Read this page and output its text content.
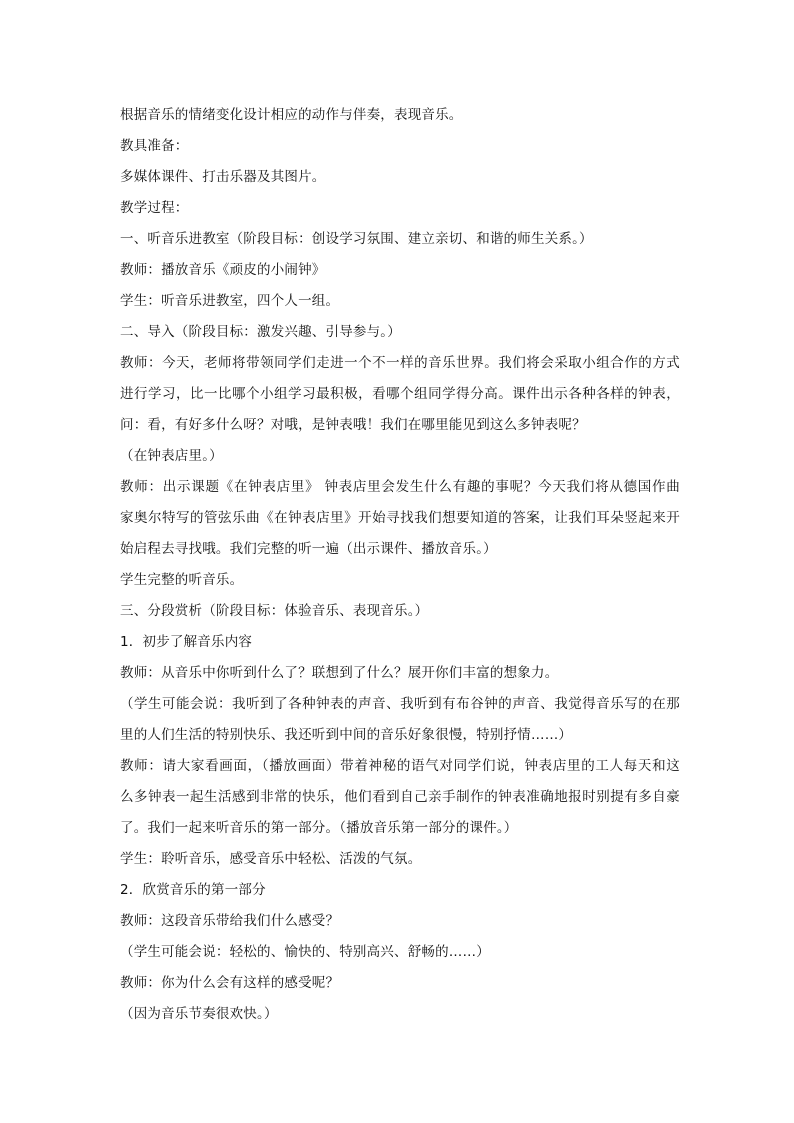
根据音乐的情绪变化设计相应的动作与伴奏，表现音乐。
教具准备：
多媒体课件、打击乐器及其图片。
教学过程：
一、听音乐进教室（阶段目标：创设学习氛围、建立亲切、和谐的师生关系。）
教师：播放音乐《顽皮的小闹钟》
学生：听音乐进教室，四个人一组。
二、导入（阶段目标：激发兴趣、引导参与。）
教师：今天，老师将带领同学们走进一个不一样的音乐世界。我们将会采取小组合作的方式
进行学习，比一比哪个小组学习最积极，看哪个组同学得分高。课件出示各种各样的钟表，
问：看，有好多什么呀？对哦，是钟表哦！我们在哪里能见到这么多钟表呢？
（在钟表店里。）
教师：出示课题《在钟表店里》 钟表店里会发生什么有趣的事呢？今天我们将从德国作曲
家奥尔特写的管弦乐曲《在钟表店里》开始寻找我们想要知道的答案，让我们耳朵竖起来开
始启程去寻找哦。我们完整的听一遍（出示课件、播放音乐。）
学生完整的听音乐。
三、分段赏析（阶段目标：体验音乐、表现音乐。）
1．初步了解音乐内容
教师：从音乐中你听到什么了？联想到了什么？展开你们丰富的想象力。
（学生可能会说：我听到了各种钟表的声音、我听到有布谷钟的声音、我觉得音乐写的在那
里的人们生活的特别快乐、我还听到中间的音乐好象很慢，特别抒情……）
教师：请大家看画面，（播放画面）带着神秘的语气对同学们说，钟表店里的工人每天和这
么多钟表一起生活感到非常的快乐，他们看到自己亲手制作的钟表准确地报时别提有多自豪
了。我们一起来听音乐的第一部分。（播放音乐第一部分的课件。）
学生：聆听音乐，感受音乐中轻松、活泼的气氛。
2．欣赏音乐的第一部分
教师：这段音乐带给我们什么感受？
（学生可能会说：轻松的、愉快的、特别高兴、舒畅的……）
教师：你为什么会有这样的感受呢？
（因为音乐节奏很欢快。）
